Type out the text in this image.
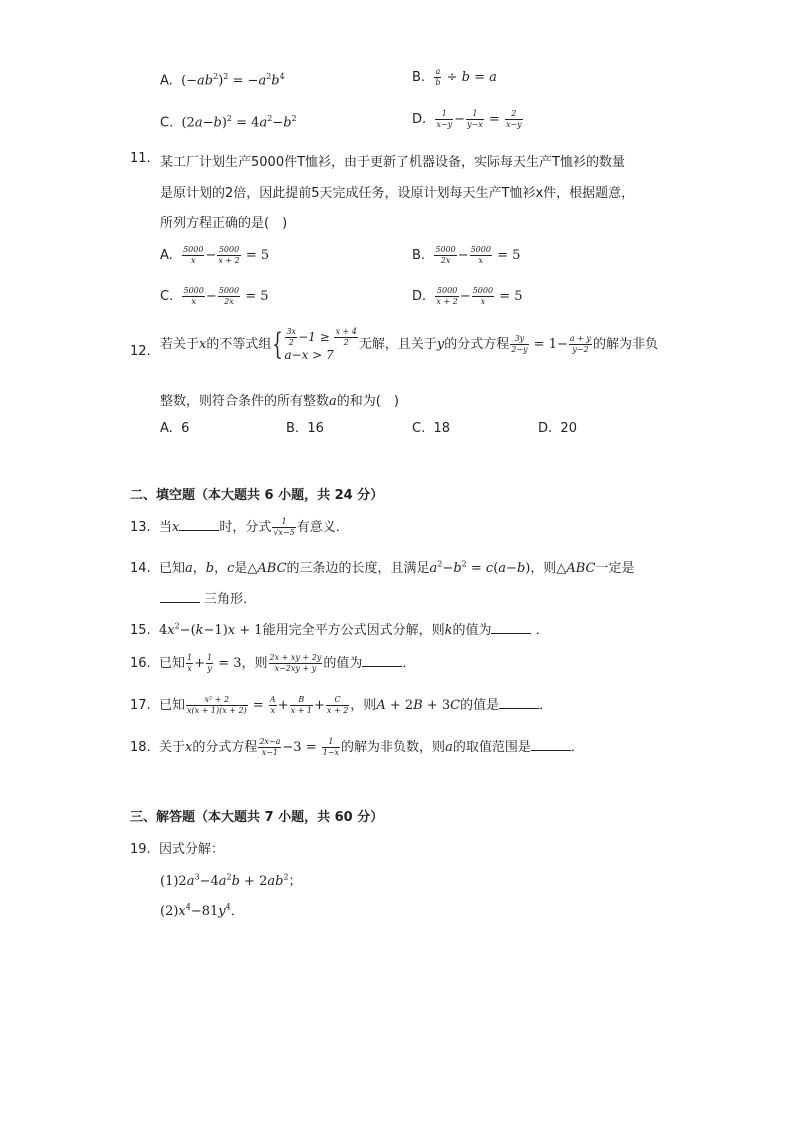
A. $(-ab^2)^2 = -a^2b^4$	B. $\frac{a}{b} \div b = a$
C. $(2a-b)^2 = 4a^2-b^2$	D. $\frac{1}{x-y} - \frac{1}{y-x} = \frac{2}{x-y}$
11. 某工厂计划生产5000件T恤衫，由于更新了机器设备，实际每天生产T恤衫的数量
是原计划的2倍，因此提前5天完成任务，设原计划每天生产T恤衫x件，根据题意，
所列方程正确的是(　)
A. $\frac{5000}{x} - \frac{5000}{x + 2} = 5$	B. $\frac{5000}{2x} - \frac{5000}{x} = 5$
C. $\frac{5000}{x} - \frac{5000}{2x} = 5$	D. $\frac{5000}{x + 2} - \frac{5000}{x} = 5$
12. 若关于x的不等式组{ $\frac{3x}{2} -1 \ge \frac{x + 4}{2}$
a−x > 7
无解，且关于y的分式方程 $\frac{3y}{2-y} = 1- \frac{a + y}{y-2}$ 的解为非负
整数，则符合条件的所有整数a的和为(　)
A. 6	B. 16	C. 18	D. 20
二、填空题（本大题共 6 小题，共 24 分）
13. 当x	时，分式 $\frac{1}{√x-5}$ 有意义．
14. 已知a，b，c是△ABC的三条边的长度，且满足$a^2-b^2 = c(a-b)$，则△ABC一定是
三角形．
15. $4x^2-(k-1)x + 1$能用完全平方公式因式分解，则k的值为	．
16. 已知 $\frac{1}{x} + \frac{1}{y} = 3$，则 $\frac{2x + xy + 2y}{x-2xy + y}$ 的值为	．
17. 已知 $\frac{\text{x² + 2}}{x(x + 1)(x + 2)} = \frac{A}{x} + \frac{B}{x + 1} + \frac{C}{x + 2}$ ，则A + 2B + 3C的值是	．
18. 关于x的分式方程 $\frac{2x-a}{x-1} -3 = \frac{1}{1-x}$ 的解为非负数，则a的取值范围是	．
三、解答题（本大题共 7 小题，共 60 分）
19. 因式分解：
$(1)2a^3-4a^2b + 2ab^2$；
$(2)x^4-81y^4$．
